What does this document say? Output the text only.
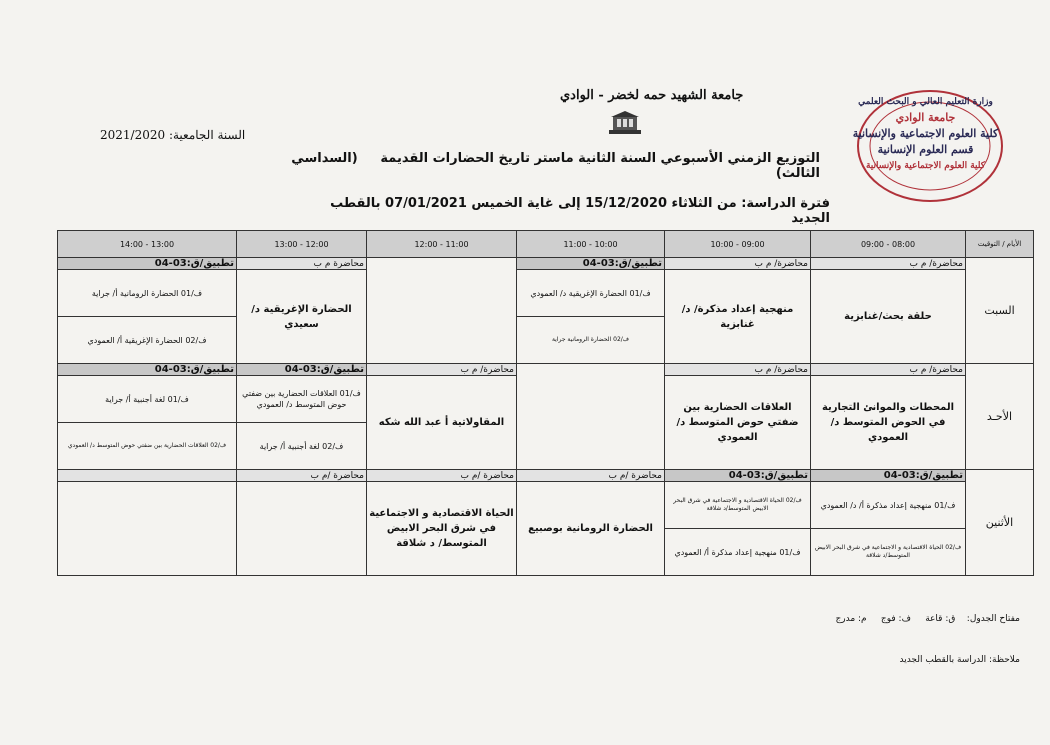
جامعة الشهيد حمه لخضر - الوادي
السنة الجامعية: 2021/2020
التوزيع الزمني الأسبوعي السنة الثانية ماستر تاريخ الحضارات القديمة     (السداسي الثالث)
فترة الدراسة: من الثلاثاء 15/12/2020 إلى غاية الخميس 07/01/2021 بالقطب الجديد
وزارة التعليم العالي و البحث العلمي
جامعة الوادي
كلية العلوم الاجتماعية والإنسانية
قسم العلوم الإنسانية
كلية العلوم الاجتماعية والإنسانية
الأيام / التوقيت	08:00 - 09:00	09:00 - 10:00	10:00 - 11:00	11:00 - 12:00	12:00 - 13:00	13:00 - 14:00
السبت	محاضرة/ م ب	محاضرة/ م ب	تطبيق/ق:03-04		محاضرة م ب	تطبيق/ق:03-04
	حلقة بحث/غنابزية	منهجية إعداد مذكرة/ د/ غنابزية	ف/01 الحضارة الإغريقية د/ العمودي		الحضارة الإغريقية د/ سعيدي	ف/01 الحضارة الرومانية أ/ جراية
			ف/02 الحضارة الرومانية جراية			ف/02 الحضارة الإغريقية أ/ العمودي
الأحـد	محاضرة/ م ب	محاضرة/ م ب		محاضرة/ م ب	تطبيق/ق:03-04	تطبيق/ق:03-04
	المحطات والموانئ التجارية في الحوض المتوسط د/ العمودي	العلاقات الحضارية بين ضفتي حوض المتوسط د/ العمودي		المقاولاتية أ عبد الله شكه	ف/01 العلاقات الحضارية بين ضفتي حوض المتوسط د/ العمودي	ف/01 لغة أجنبية أ/ جراية
					ف/02 لغة أجنبية أ/ جراية	ف/02 العلاقات الحضارية بين ضفتي حوض المتوسط د/ العمودي
الأثنين	تطبيق/ق:03-04	تطبيق/ق:03-04	محاضرة /م ب	محاضرة /م ب	محاضرة /م ب	
	ف/01 منهجية إعداد مذكرة أ/ د/ العمودي	ف/02 الحياة الاقتصادية و الاجتماعية في شرق البحر الابيض المتوسط/د شلاقة	الحضارة الرومانية بوصبيع	الحياة الاقتصادية و الاجتماعية في شرق البحر الابيض المتوسط/ د شلاقة		
	ف/02 الحياة الاقتصادية و الاجتماعية في شرق البحر الابيض المتوسط/د شلاقة	ف/01 منهجية إعداد مذكرة أ/ العمودي				
مفتاح الجدول:    ق: قاعة     ف: فوج     م: مدرج
ملاحظة: الدراسة بالقطب الجديد
